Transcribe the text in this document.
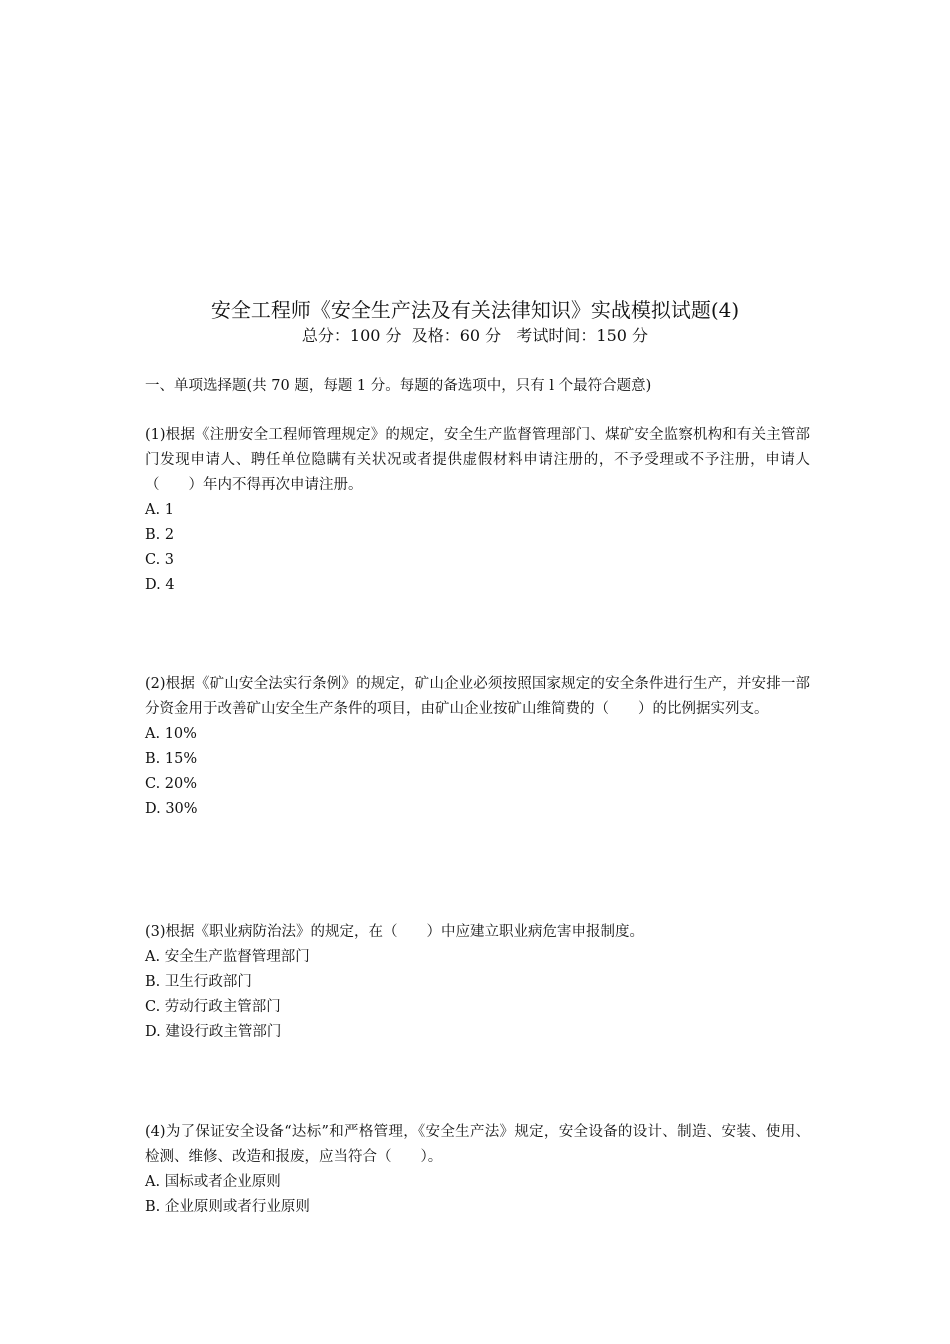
安全工程师《安全生产法及有关法律知识》实战模拟试题(4)
总分：100 分  及格：60 分   考试时间：150 分
一、单项选择题(共 70 题，每题 1 分。每题的备选项中，只有 l 个最符合题意)
(1)根据《注册安全工程师管理规定》的规定，安全生产监督管理部门、煤矿安全监察机构和有关主管部门发现申请人、聘任单位隐瞒有关状况或者提供虚假材料申请注册的，不予受理或不予注册，申请人（　　）年内不得再次申请注册。
A. 1
B. 2
C. 3
D. 4
(2)根据《矿山安全法实行条例》的规定，矿山企业必须按照国家规定的安全条件进行生产，并安排一部分资金用于改善矿山安全生产条件的项目，由矿山企业按矿山维简费的（　　）的比例据实列支。
A. 10%
B. 15%
C. 20%
D. 30%
(3)根据《职业病防治法》的规定，在（　　）中应建立职业病危害申报制度。
A. 安全生产监督管理部门
B. 卫生行政部门
C. 劳动行政主管部门
D. 建设行政主管部门
(4)为了保证安全设备“达标”和严格管理，《安全生产法》规定，安全设备的设计、制造、安装、使用、检测、维修、改造和报废，应当符合（　　）。
A. 国标或者企业原则
B. 企业原则或者行业原则
